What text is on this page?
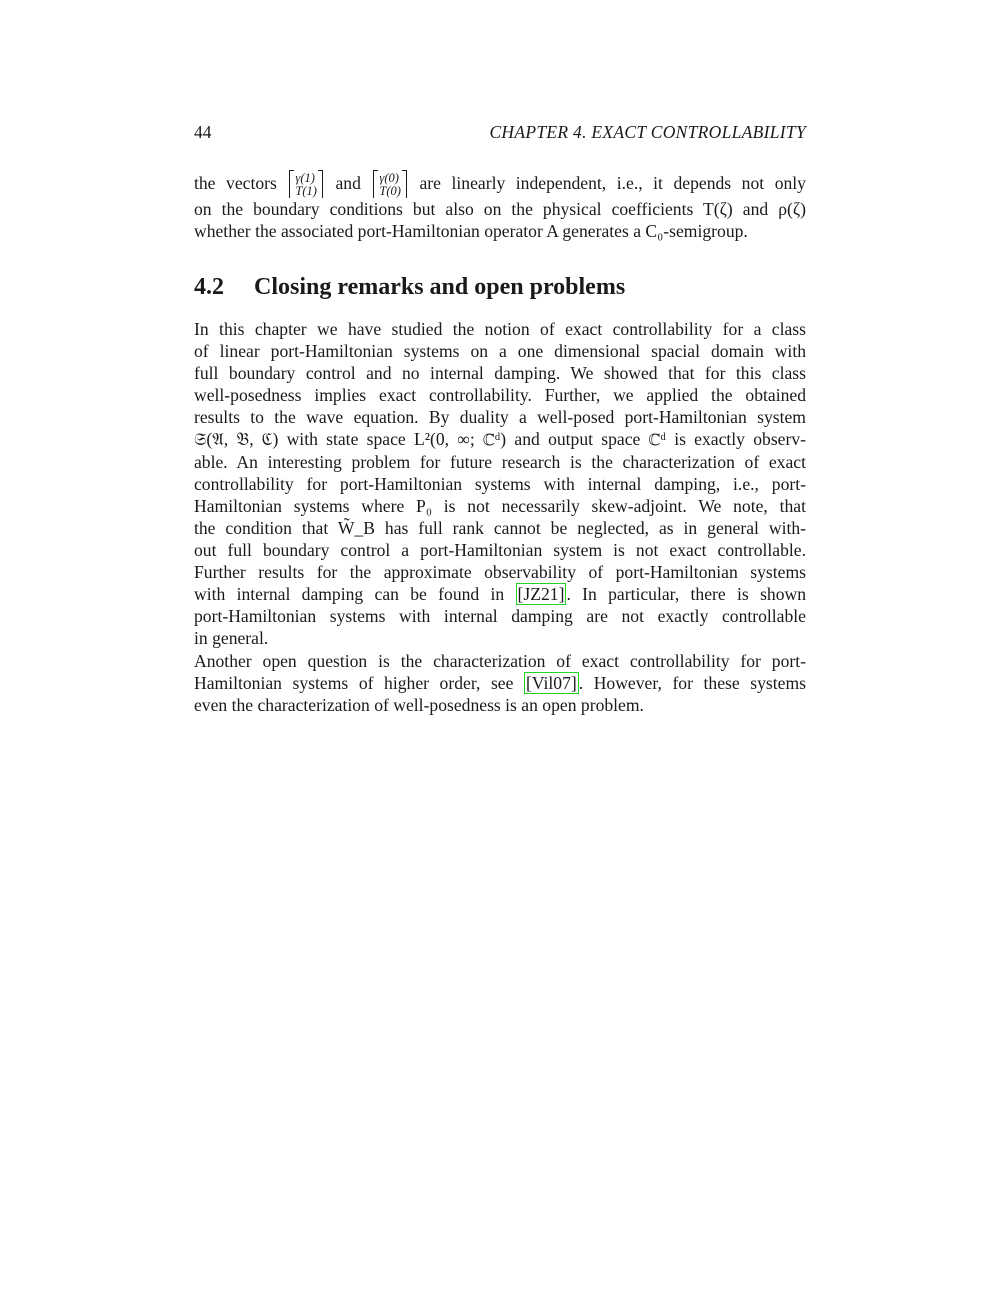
44	CHAPTER 4. EXACT CONTROLLABILITY
the vectors γ(1)
T(1) and γ(0)
T(0) are linearly independent, i.e., it depends not only
on the boundary conditions but also on the physical coefficients T(ζ) and ρ(ζ)
whether the associated port-Hamiltonian operator A generates a C₀-semigroup.
4.2 Closing remarks and open problems
In this chapter we have studied the notion of exact controllability for a class
of linear port-Hamiltonian systems on a one dimensional spacial domain with
full boundary control and no internal damping. We showed that for this class
well-posedness implies exact controllability. Further, we applied the obtained
results to the wave equation. By duality a well-posed port-Hamiltonian system
𝔖(𝔄, 𝔅, ℭ) with state space L²(0, ∞; ℂᵈ) and output space ℂᵈ is exactly observ-
able. An interesting problem for future research is the characterization of exact
controllability for port-Hamiltonian systems with internal damping, i.e., port-
Hamiltonian systems where P₀ is not necessarily skew-adjoint. We note, that
the condition that W̃_B has full rank cannot be neglected, as in general with-
out full boundary control a port-Hamiltonian system is not exact controllable.
Further results for the approximate observability of port-Hamiltonian systems
with internal damping can be found in [JZ21] . In particular, there is shown
port-Hamiltonian systems with internal damping are not exactly controllable
in general.
Another open question is the characterization of exact controllability for port-
Hamiltonian systems of higher order, see [Vil07] . However, for these systems
even the characterization of well-posedness is an open problem.
